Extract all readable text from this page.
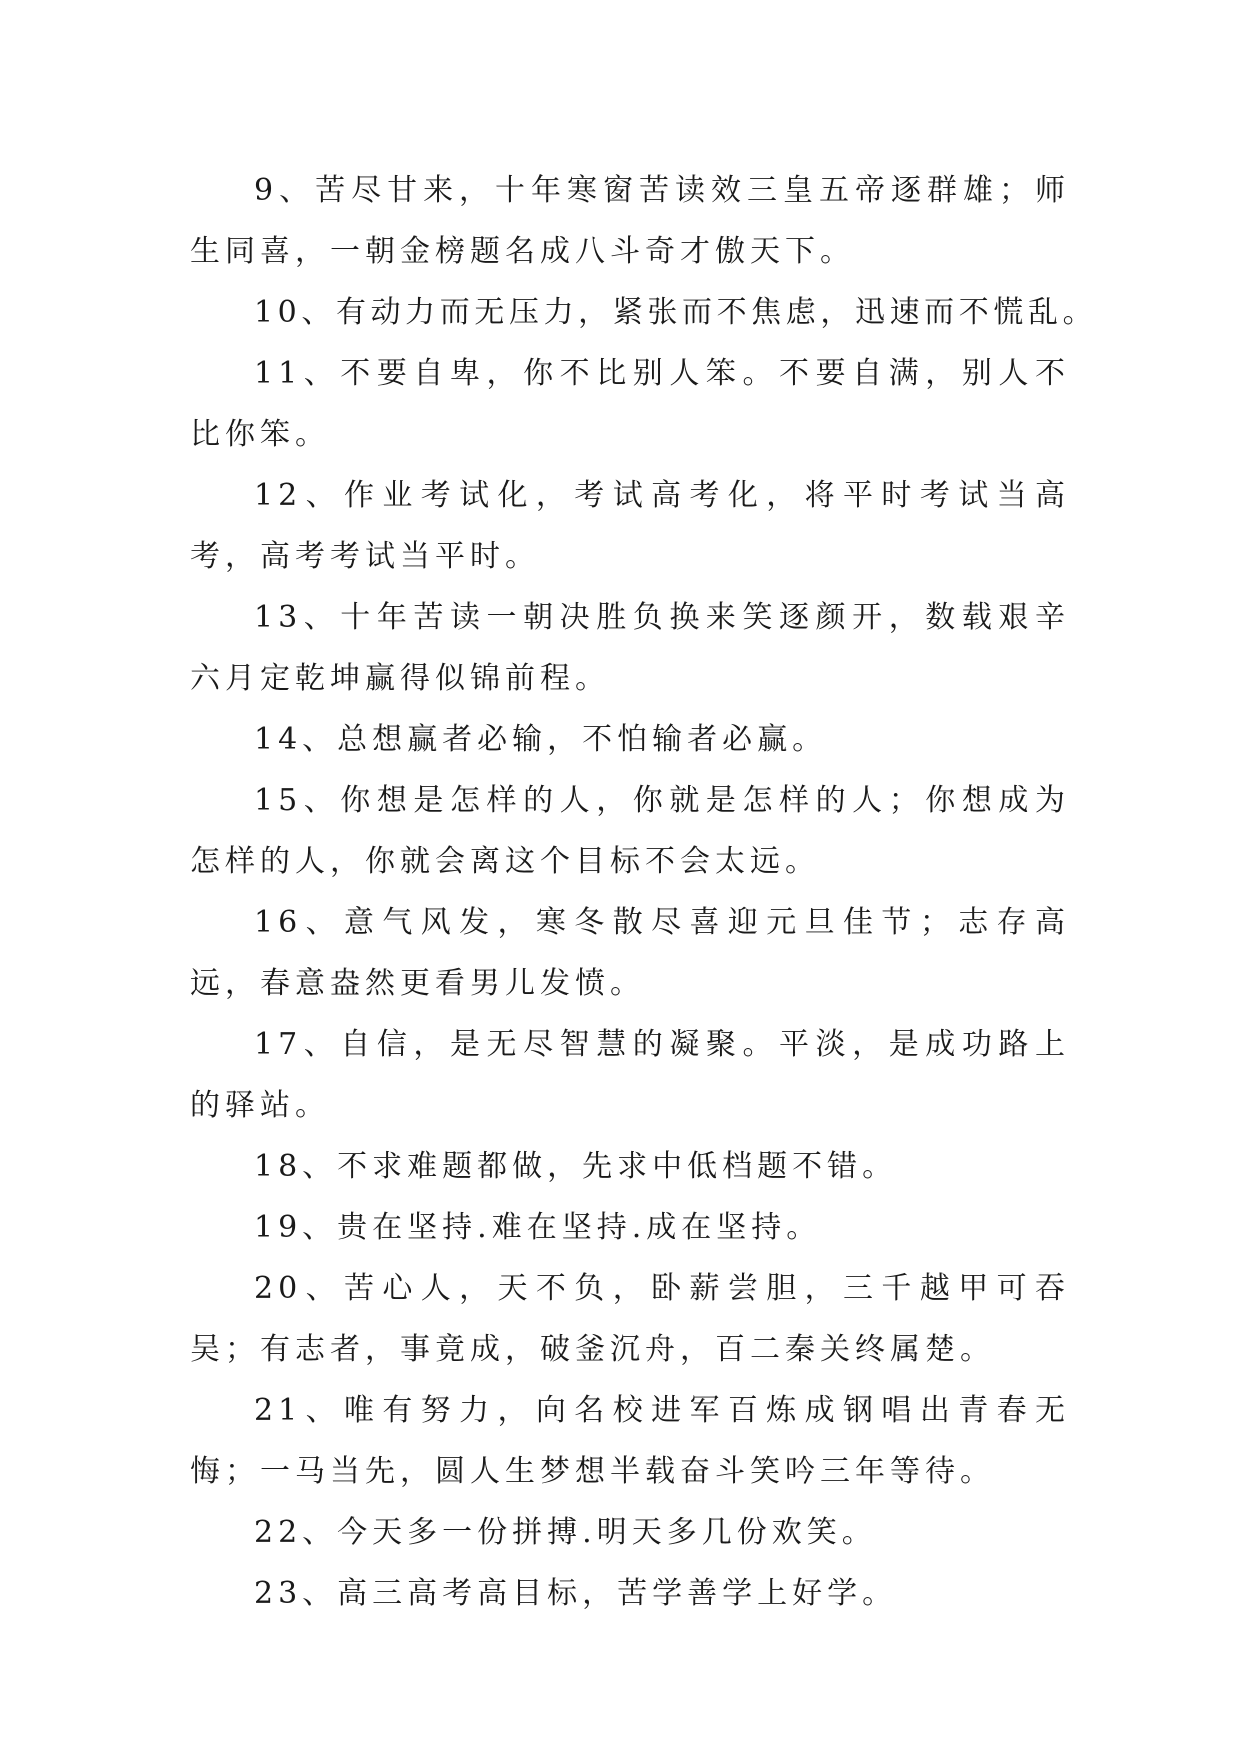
9、苦尽甘来，十年寒窗苦读效三皇五帝逐群雄；师生同喜，一朝金榜题名成八斗奇才傲天下。

10、有动力而无压力，紧张而不焦虑，迅速而不慌乱。

11、不要自卑，你不比别人笨。不要自满，别人不比你笨。

12、作业考试化，考试高考化，将平时考试当高考，高考考试当平时。

13、十年苦读一朝决胜负换来笑逐颜开，数载艰辛六月定乾坤赢得似锦前程。

14、总想赢者必输，不怕输者必赢。

15、你想是怎样的人，你就是怎样的人；你想成为怎样的人，你就会离这个目标不会太远。

16、意气风发，寒冬散尽喜迎元旦佳节；志存高远，春意盎然更看男儿发愤。

17、自信，是无尽智慧的凝聚。平淡，是成功路上的驿站。

18、不求难题都做，先求中低档题不错。

19、贵在坚持.难在坚持.成在坚持。

20、苦心人，天不负，卧薪尝胆，三千越甲可吞吴；有志者，事竟成，破釜沉舟，百二秦关终属楚。

21、唯有努力，向名校进军百炼成钢唱出青春无悔；一马当先，圆人生梦想半载奋斗笑吟三年等待。

22、今天多一份拼搏.明天多几份欢笑。

23、高三高考高目标，苦学善学上好学。
